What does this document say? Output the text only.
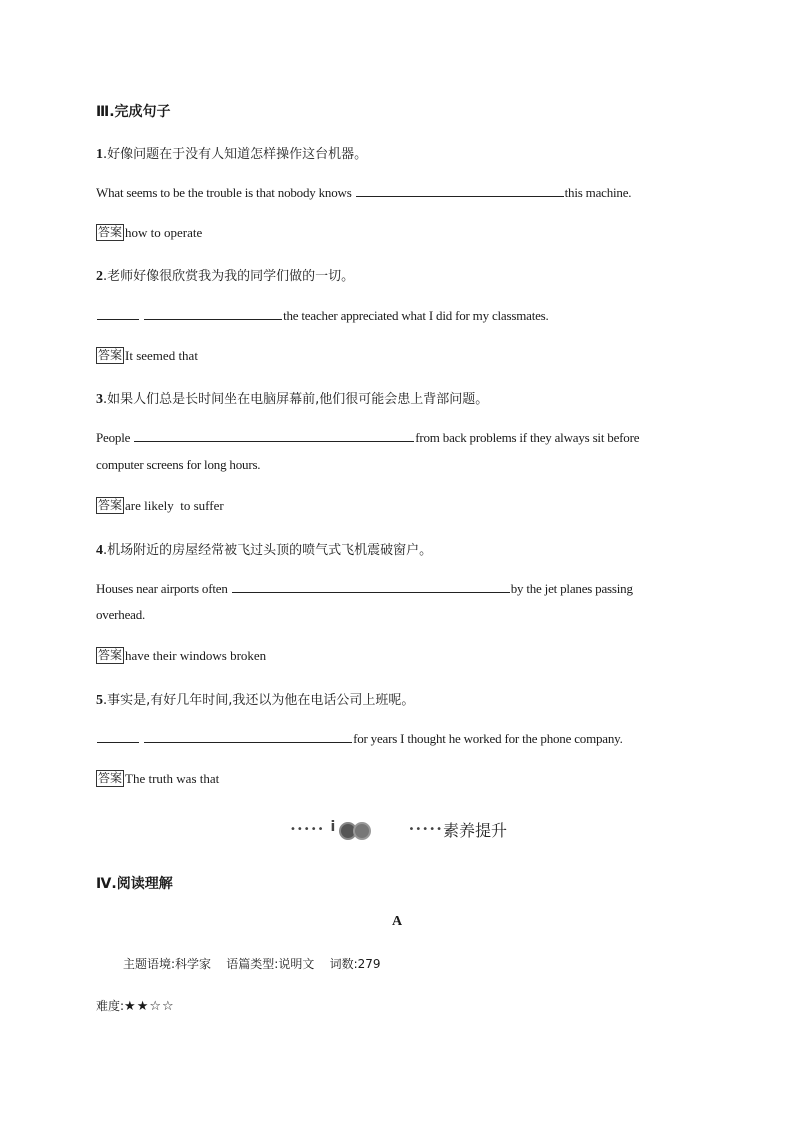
Ⅲ.完成句子
1.好像问题在于没有人知道怎样操作这台机器。
What seems to be the trouble is that nobody knows	this machine.
答案 how to operate
2.老师好像很欣赏我为我的同学们做的一切。
the teacher appreciated what I did for my classmates.
答案 It seemed that
3.如果人们总是长时间坐在电脑屏幕前,他们很可能会患上背部问题。
People	from back problems if they always sit before
computer screens for long hours.
答案 are likely  to suffer
4.机场附近的房屋经常被飞过头顶的喷气式飞机震破窗户。
Houses near airports often	by the jet planes passing
overhead.
答案 have their windows broken
5.事实是,有好几年时间,我还以为他在电话公司上班呢。
for years I thought he worked for the phone company.
答案 The truth was that
••••• i	••••• 素养提升
Ⅳ.阅读理解
A
主题语境:科学家    语篇类型:说明文    词数:279
难度:★★☆☆
